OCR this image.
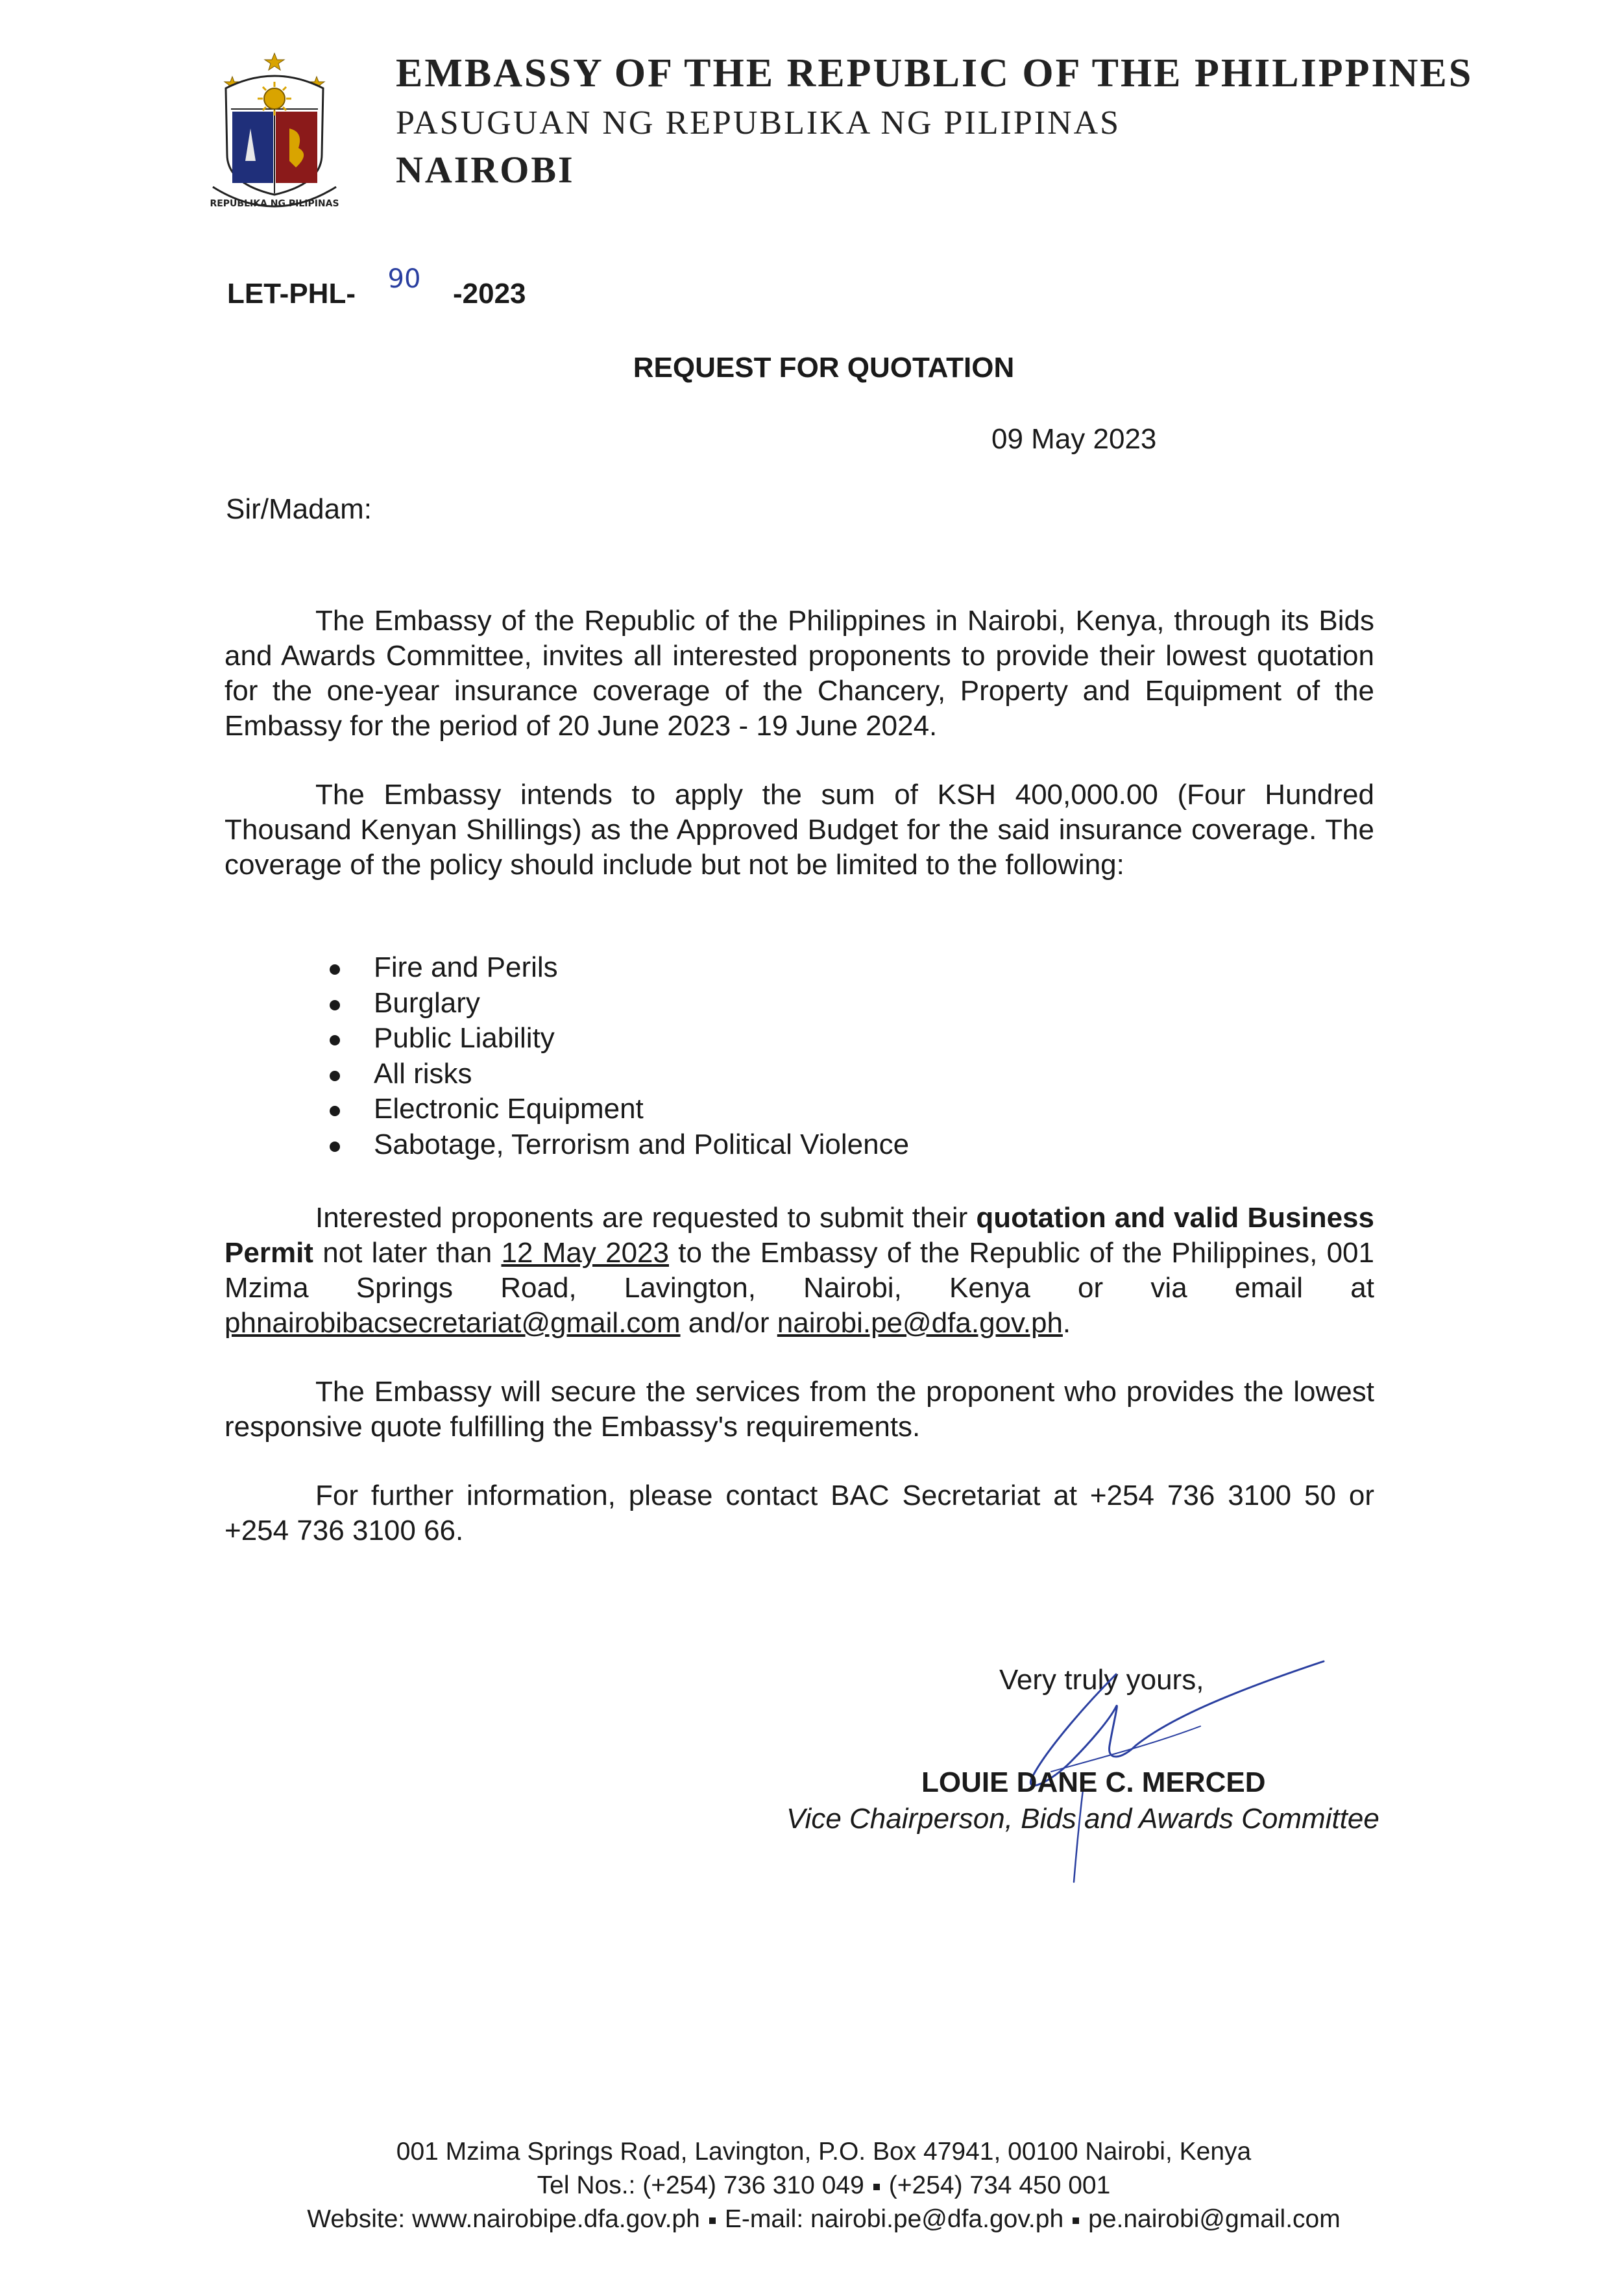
REPUBLIKA NG PILIPINAS
EMBASSY OF THE REPUBLIC OF THE PHILIPPINES
PASUGUAN NG REPUBLIKA NG PILIPINAS
NAIROBI
LET-PHL- 90 -2023
REQUEST FOR QUOTATION
09 May 2023
Sir/Madam:

The Embassy of the Republic of the Philippines in Nairobi, Kenya, through its Bids and Awards Committee, invites all interested proponents to provide their lowest quotation for the one-year insurance coverage of the Chancery, Property and Equipment of the Embassy for the period of 20 June 2023 - 19 June 2024.

The Embassy intends to apply the sum of KSH 400,000.00 (Four Hundred Thousand Kenyan Shillings) as the Approved Budget for the said insurance coverage. The coverage of the policy should include but not be limited to the following:

Fire and Perils
Burglary
Public Liability
All risks
Electronic Equipment
Sabotage, Terrorism and Political Violence

Interested proponents are requested to submit their quotation and valid Business Permit not later than 12 May 2023 to the Embassy of the Republic of the Philippines, 001 Mzima Springs Road, Lavington, Nairobi, Kenya or via email at phnairobibacsecretariat@gmail.com and/or nairobi.pe@dfa.gov.ph.

The Embassy will secure the services from the proponent who provides the lowest responsive quote fulfilling the Embassy's requirements.

For further information, please contact BAC Secretariat at +254 736 3100 50 or +254 736 3100 66.

Very truly yours,
LOUIE DANE C. MERCED
Vice Chairperson, Bids and Awards Committee
001 Mzima Springs Road, Lavington, P.O. Box 47941, 00100 Nairobi, Kenya
Tel Nos.: (+254) 736 310 049 (+254) 734 450 001
Website: www.nairobipe.dfa.gov.ph E-mail: nairobi.pe@dfa.gov.ph pe.nairobi@gmail.com
